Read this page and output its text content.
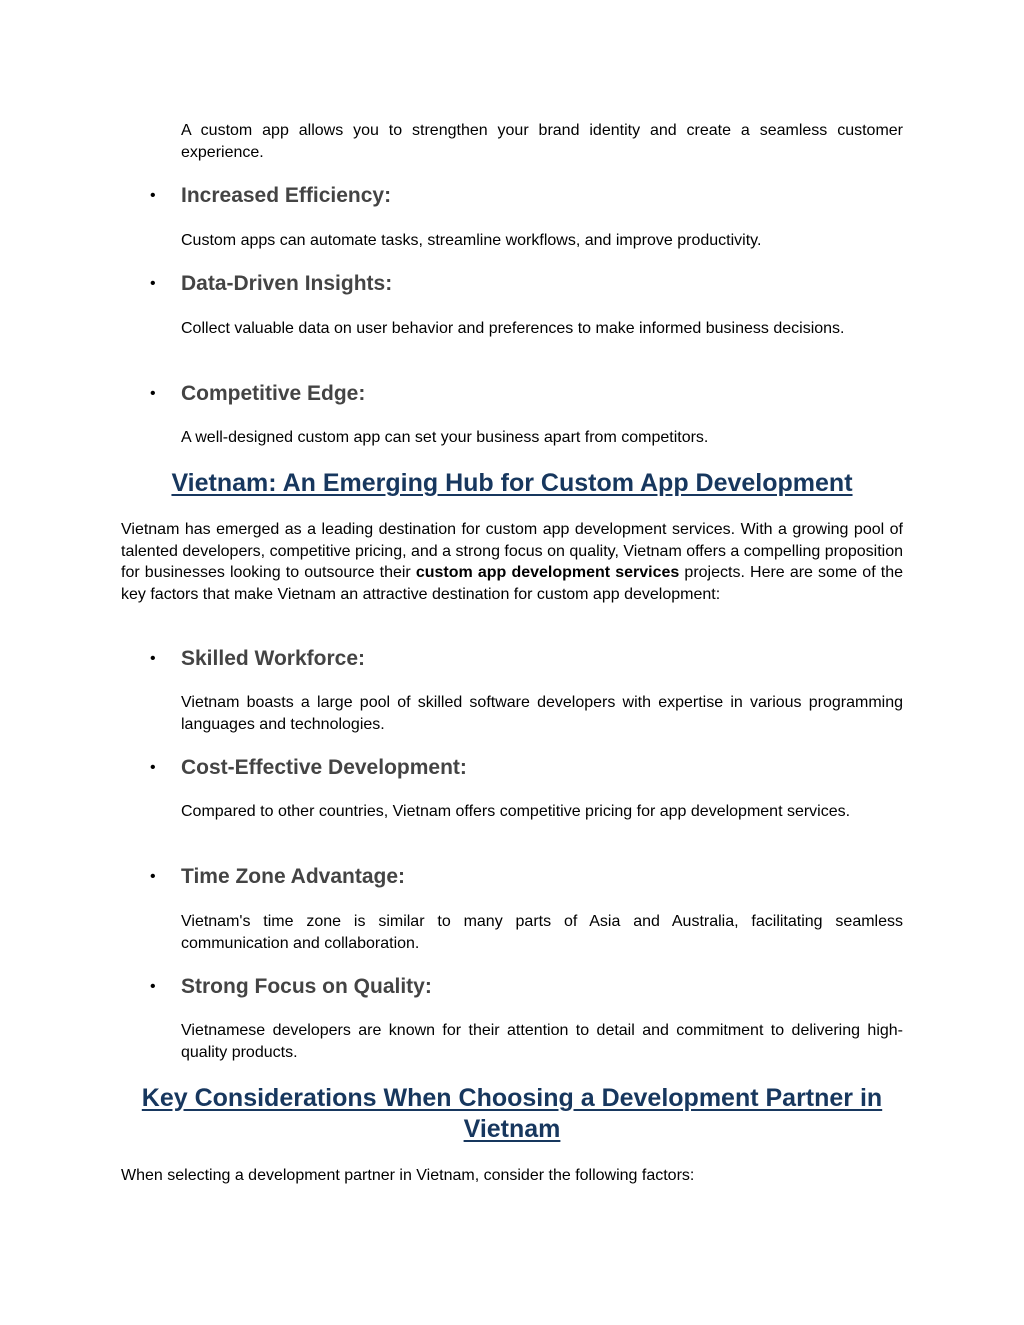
A custom app allows you to strengthen your brand identity and create a seamless customer experience.

• Increased Efficiency:

Custom apps can automate tasks, streamline workflows, and improve productivity.

• Data-Driven Insights:

Collect valuable data on user behavior and preferences to make informed business decisions.

• Competitive Edge:

A well-designed custom app can set your business apart from competitors.

Vietnam: An Emerging Hub for Custom App Development

Vietnam has emerged as a leading destination for custom app development services. With a growing pool of talented developers, competitive pricing, and a strong focus on quality, Vietnam offers a compelling proposition for businesses looking to outsource their custom app development services projects. Here are some of the key factors that make Vietnam an attractive destination for custom app development:

• Skilled Workforce:

Vietnam boasts a large pool of skilled software developers with expertise in various programming languages and technologies.

• Cost-Effective Development:

Compared to other countries, Vietnam offers competitive pricing for app development services.

• Time Zone Advantage:

Vietnam's time zone is similar to many parts of Asia and Australia, facilitating seamless communication and collaboration.

• Strong Focus on Quality:

Vietnamese developers are known for their attention to detail and commitment to delivering high-quality products.

Key Considerations When Choosing a Development Partner in Vietnam

When selecting a development partner in Vietnam, consider the following factors:
